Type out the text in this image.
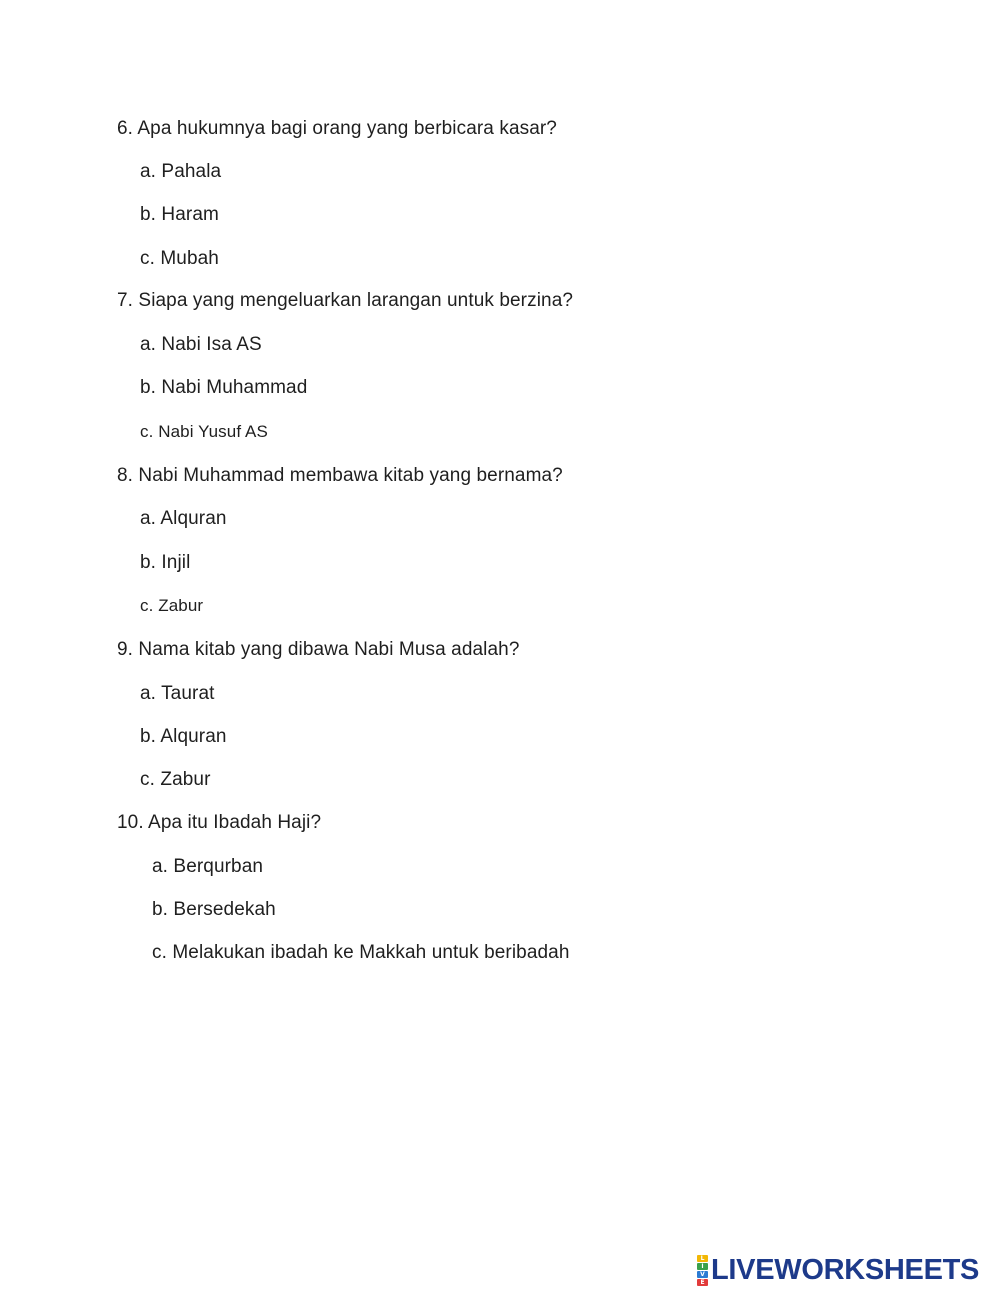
6. Apa hukumnya bagi orang yang berbicara kasar?
a. Pahala
b. Haram
c. Mubah
7. Siapa yang mengeluarkan larangan untuk berzina?
a. Nabi Isa AS
b. Nabi Muhammad
c. Nabi Yusuf AS
8. Nabi Muhammad membawa kitab yang bernama?
a. Alquran
b. Injil
c. Zabur
9. Nama kitab yang dibawa Nabi Musa adalah?
a. Taurat
b. Alquran
c. Zabur
10. Apa itu Ibadah Haji?
a. Berqurban
b. Bersedekah
c. Melakukan ibadah ke Makkah untuk beribadah
L
I
V
E LIVEWORKSHEETS
